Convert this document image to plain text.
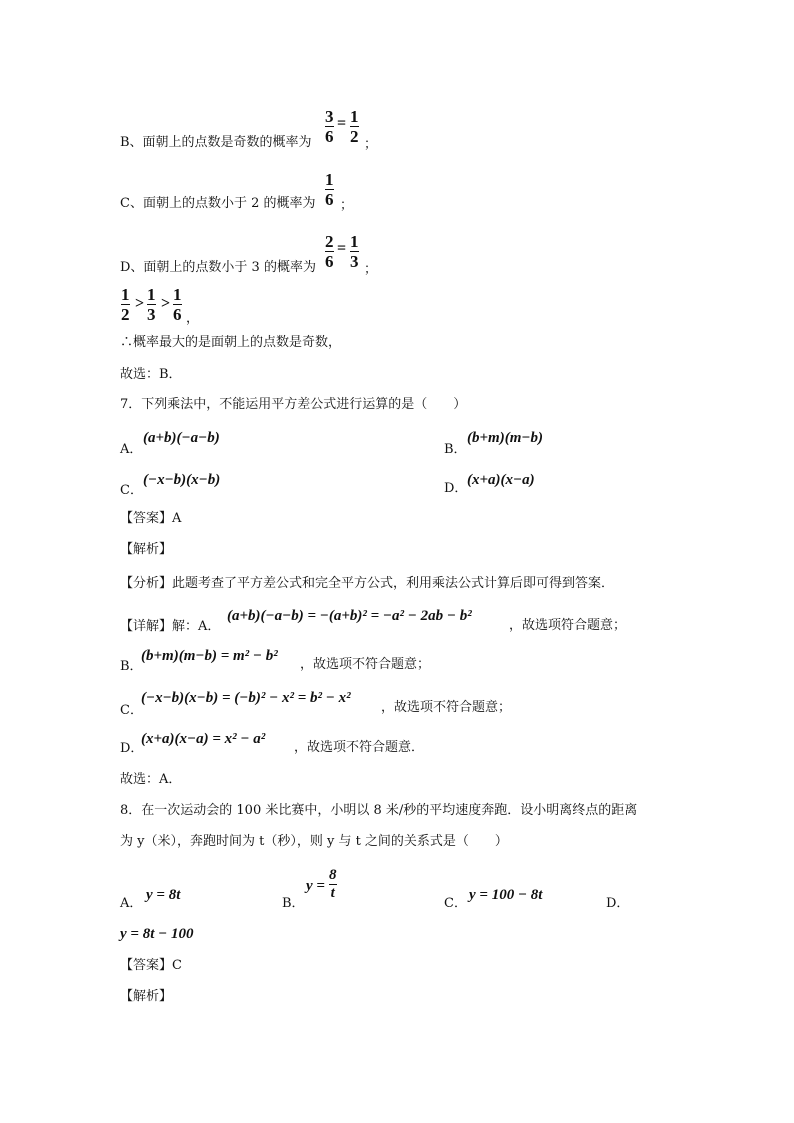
B、面朝上的点数是奇数的概率为
3
6
= 1
2 ；
C、面朝上的点数小于 2 的概率为
1
6 ；
D、面朝上的点数小于 3 的概率为
2
6
= 1
3 ；
1
2
> 1
3
> 1
6 ，
∴概率最大的是面朝上的点数是奇数，
故选：B．
7．下列乘法中，不能运用平方差公式进行运算的是（　　）
A．
(a+b)(−a−b)
B．
(b+m)(m−b)
C．
(−x−b)(x−b)
D．
(x+a)(x−a)
【答案】A
【解析】
【分析】此题考查了平方差公式和完全平方公式，利用乘法公式计算后即可得到答案．
【详解】解：A．
(a+b)(−a−b) = −(a+b)² = −a² − 2ab − b²
，故选项符合题意；
B．
(b+m)(m−b) = m² − b²
，故选项不符合题意；
C．
(−x−b)(x−b) = (−b)² − x² = b² − x²
，故选项不符合题意；
D．
(x+a)(x−a) = x² − a²
，故选项不符合题意．
故选：A．
8．在一次运动会的 100 米比赛中，小明以 8 米/秒的平均速度奔跑．设小明离终点的距离
为 y（米），奔跑时间为 t（秒），则 y 与 t 之间的关系式是（　　）
A．
y = 8t
B．
y =
8
t
C．
y = 100 − 8t
D．
y = 8t − 100
【答案】C
【解析】
